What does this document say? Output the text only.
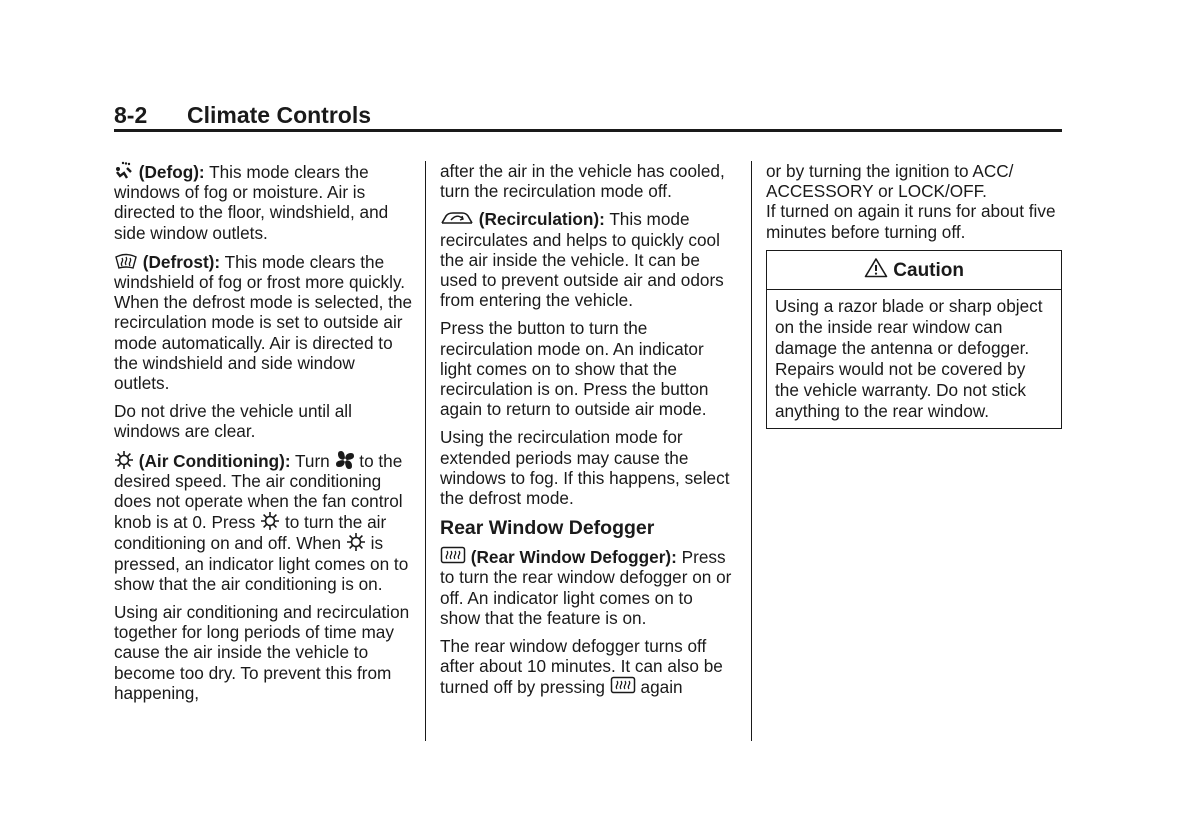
8-2 Climate Controls

(Defog): This mode clears the windows of fog or moisture. Air is directed to the floor, windshield, and side window outlets.

(Defrost): This mode clears the windshield of fog or frost more quickly. When the defrost mode is selected, the recirculation mode is set to outside air mode automatically. Air is directed to the windshield and side window outlets.

Do not drive the vehicle until all windows are clear.

(Air Conditioning): Turn to the desired speed. The air conditioning does not operate when the fan control knob is at 0. Press to turn the air conditioning on and off. When is pressed, an indicator light comes on to show that the air conditioning is on.

Using air conditioning and recirculation together for long periods of time may cause the air inside the vehicle to become too dry. To prevent this from happening,

after the air in the vehicle has cooled, turn the recirculation mode off.

(Recirculation): This mode recirculates and helps to quickly cool the air inside the vehicle. It can be used to prevent outside air and odors from entering the vehicle.

Press the button to turn the recirculation mode on. An indicator light comes on to show that the recirculation is on. Press the button again to return to outside air mode.

Using the recirculation mode for extended periods may cause the windows to fog. If this happens, select the defrost mode.

Rear Window Defogger

(Rear Window Defogger): Press to turn the rear window defogger on or off. An indicator light comes on to show that the feature is on.

The rear window defogger turns off after about 10 minutes. It can also be turned off by pressing again

or by turning the ignition to ACC/ ACCESSORY or LOCK/OFF.

If turned on again it runs for about five minutes before turning off.

Caution
Using a razor blade or sharp object on the inside rear window can damage the antenna or defogger. Repairs would not be covered by the vehicle warranty. Do not stick anything to the rear window.
